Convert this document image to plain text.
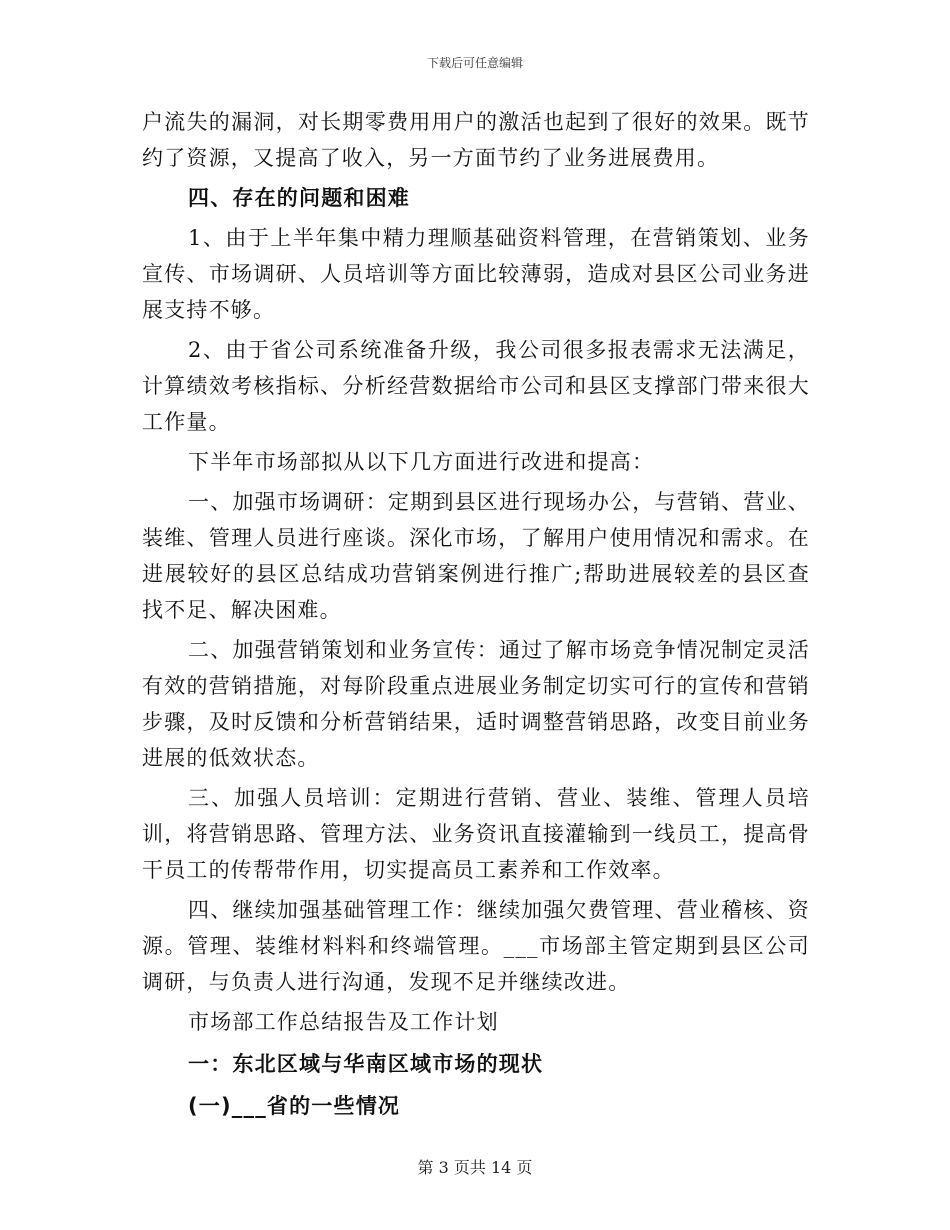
下载后可任意编辑

户流失的漏洞，对长期零费用用户的激活也起到了很好的效果。既节约了资源，又提高了收入，另一方面节约了业务进展费用。

四、存在的问题和困难

1、由于上半年集中精力理顺基础资料管理，在营销策划、业务宣传、市场调研、人员培训等方面比较薄弱，造成对县区公司业务进展支持不够。

2、由于省公司系统准备升级，我公司很多报表需求无法满足，计算绩效考核指标、分析经营数据给市公司和县区支撑部门带来很大工作量。

下半年市场部拟从以下几方面进行改进和提高：

一、加强市场调研：定期到县区进行现场办公，与营销、营业、装维、管理人员进行座谈。深化市场，了解用户使用情况和需求。在进展较好的县区总结成功营销案例进行推广;帮助进展较差的县区查找不足、解决困难。

二、加强营销策划和业务宣传：通过了解市场竞争情况制定灵活有效的营销措施，对每阶段重点进展业务制定切实可行的宣传和营销步骤，及时反馈和分析营销结果，适时调整营销思路，改变目前业务进展的低效状态。

三、加强人员培训：定期进行营销、营业、装维、管理人员培训，将营销思路、管理方法、业务资讯直接灌输到一线员工，提高骨干员工的传帮带作用，切实提高员工素养和工作效率。

四、继续加强基础管理工作：继续加强欠费管理、营业稽核、资源。管理、装维材料料和终端管理。___市场部主管定期到县区公司调研，与负责人进行沟通，发现不足并继续改进。

市场部工作总结报告及工作计划

一：东北区域与华南区域市场的现状

(一)___省的一些情况

第 3 页共 14 页
